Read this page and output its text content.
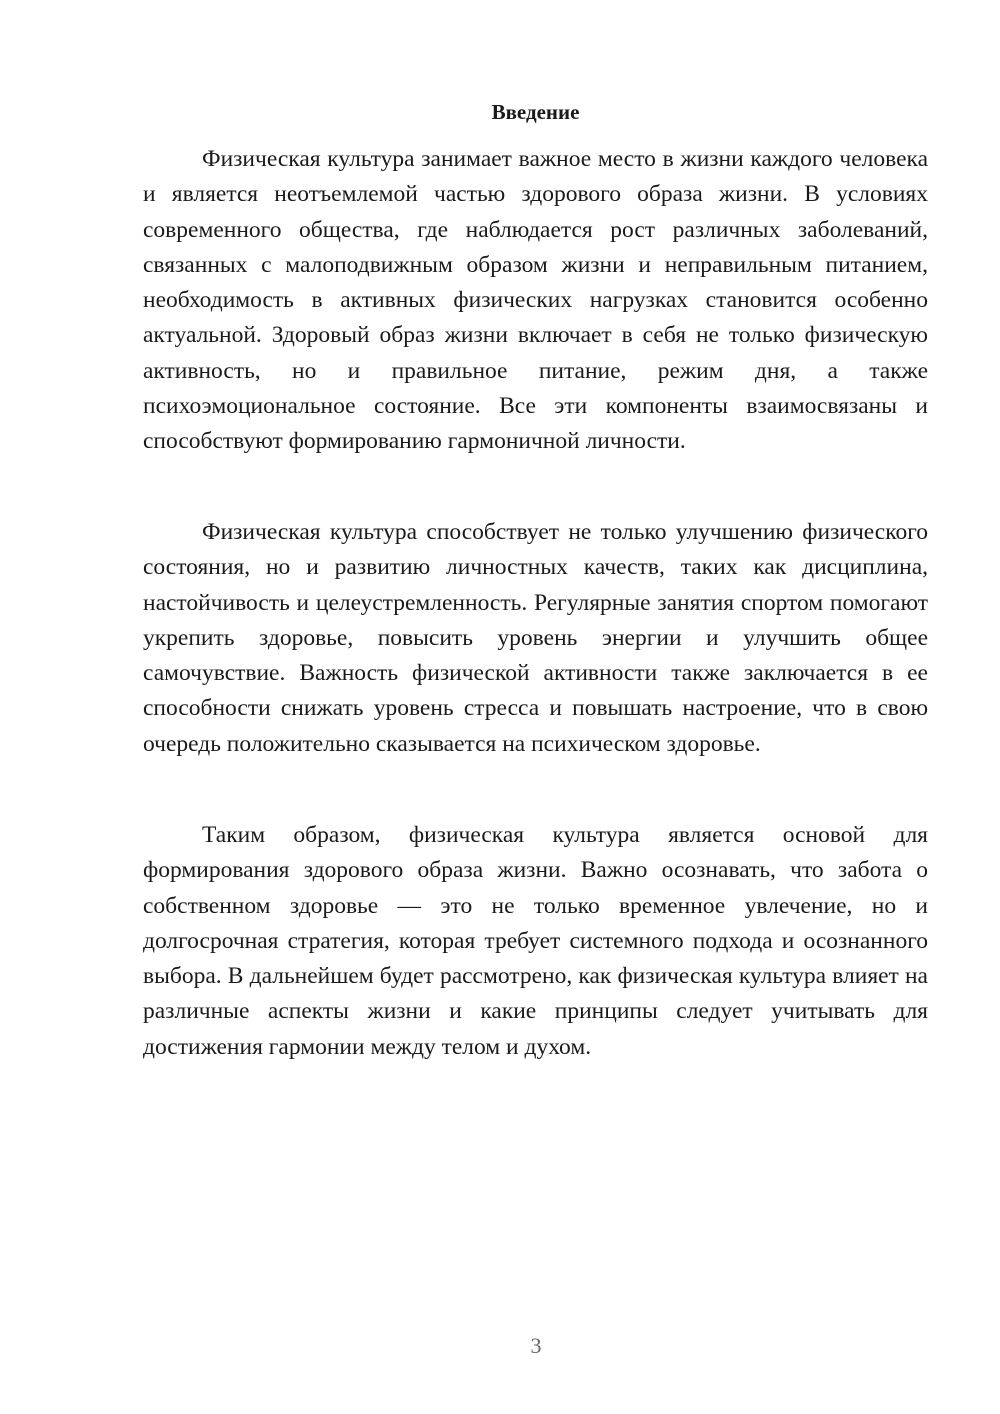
Введение

Физическая культура занимает важное место в жизни каждого человека и является неотъемлемой частью здорового образа жизни. В условиях современного общества, где наблюдается рост различных заболеваний, связанных с малоподвижным образом жизни и неправильным питанием, необходимость в активных физических нагрузках становится особенно актуальной. Здоровый образ жизни включает в себя не только физическую активность, но и правильное питание, режим дня, а также психоэмоциональное состояние. Все эти компоненты взаимосвязаны и способствуют формированию гармоничной личности.

Физическая культура способствует не только улучшению физического состояния, но и развитию личностных качеств, таких как дисциплина, настойчивость и целеустремленность. Регулярные занятия спортом помогают укрепить здоровье, повысить уровень энергии и улучшить общее самочувствие. Важность физической активности также заключается в ее способности снижать уровень стресса и повышать настроение, что в свою очередь положительно сказывается на психическом здоровье.

Таким образом, физическая культура является основой для формирования здорового образа жизни. Важно осознавать, что забота о собственном здоровье — это не только временное увлечение, но и долгосрочная стратегия, которая требует системного подхода и осознанного выбора. В дальнейшем будет рассмотрено, как физическая культура влияет на различные аспекты жизни и какие принципы следует учитывать для достижения гармонии между телом и духом.

3
